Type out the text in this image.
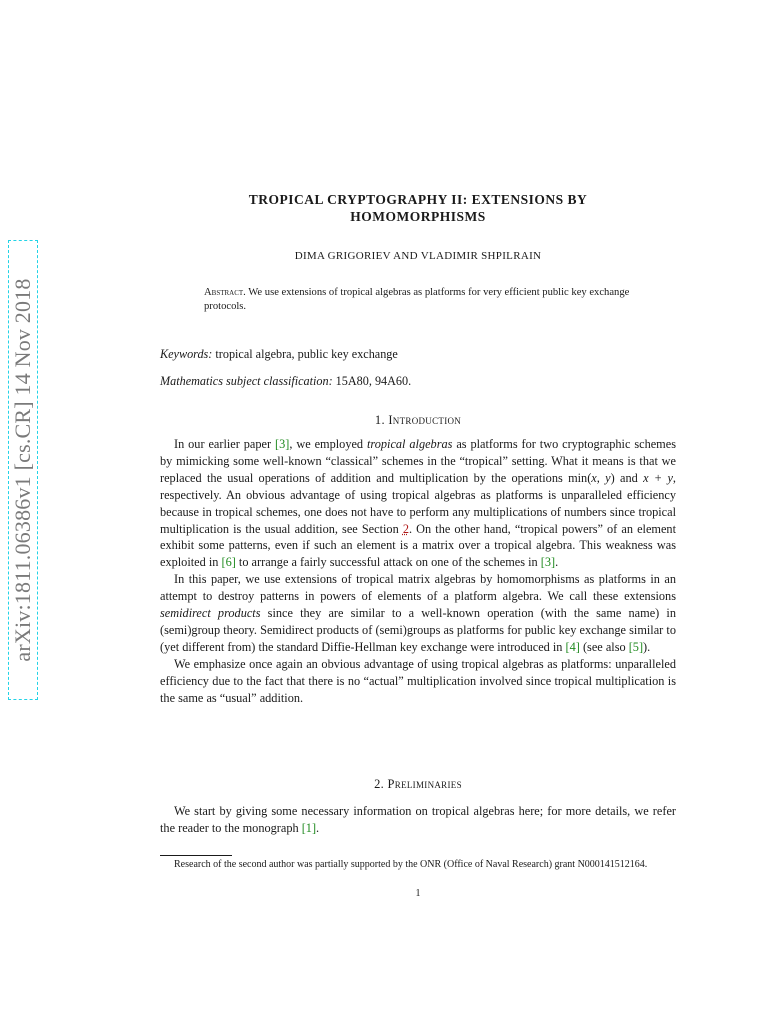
arXiv:1811.06386v1 [cs.CR] 14 Nov 2018
TROPICAL CRYPTOGRAPHY II: EXTENSIONS BY
HOMOMORPHISMS
DIMA GRIGORIEV AND VLADIMIR SHPILRAIN
Abstract. We use extensions of tropical algebras as platforms for very efficient public key exchange protocols.
Keywords: tropical algebra, public key exchange
Mathematics subject classification: 15A80, 94A60.
1. Introduction

In our earlier paper [3], we employed tropical algebras as platforms for two cryptographic schemes by mimicking some well-known “classical” schemes in the “tropical” setting. What it means is that we replaced the usual operations of addition and multiplication by the operations min(x, y) and x + y, respectively. An obvious advantage of using tropical algebras as platforms is unparalleled efficiency because in tropical schemes, one does not have to perform any multiplications of numbers since tropical multiplication is the usual addition, see Section 2. On the other hand, “tropical powers” of an element exhibit some patterns, even if such an element is a matrix over a tropical algebra. This weakness was exploited in [6] to arrange a fairly successful attack on one of the schemes in [3].

In this paper, we use extensions of tropical matrix algebras by homomorphisms as platforms in an attempt to destroy patterns in powers of elements of a platform algebra. We call these extensions semidirect products since they are similar to a well-known operation (with the same name) in (semi)group theory. Semidirect products of (semi)groups as platforms for public key exchange similar to (yet different from) the standard Diffie-Hellman key exchange were introduced in [4] (see also [5]).

We emphasize once again an obvious advantage of using tropical algebras as platforms: unparalleled efficiency due to the fact that there is no “actual” multiplication involved since tropical multiplication is the same as “usual” addition.

2. Preliminaries

We start by giving some necessary information on tropical algebras here; for more details, we refer the reader to the monograph [1].

Research of the second author was partially supported by the ONR (Office of Naval Research) grant N000141512164.

1
